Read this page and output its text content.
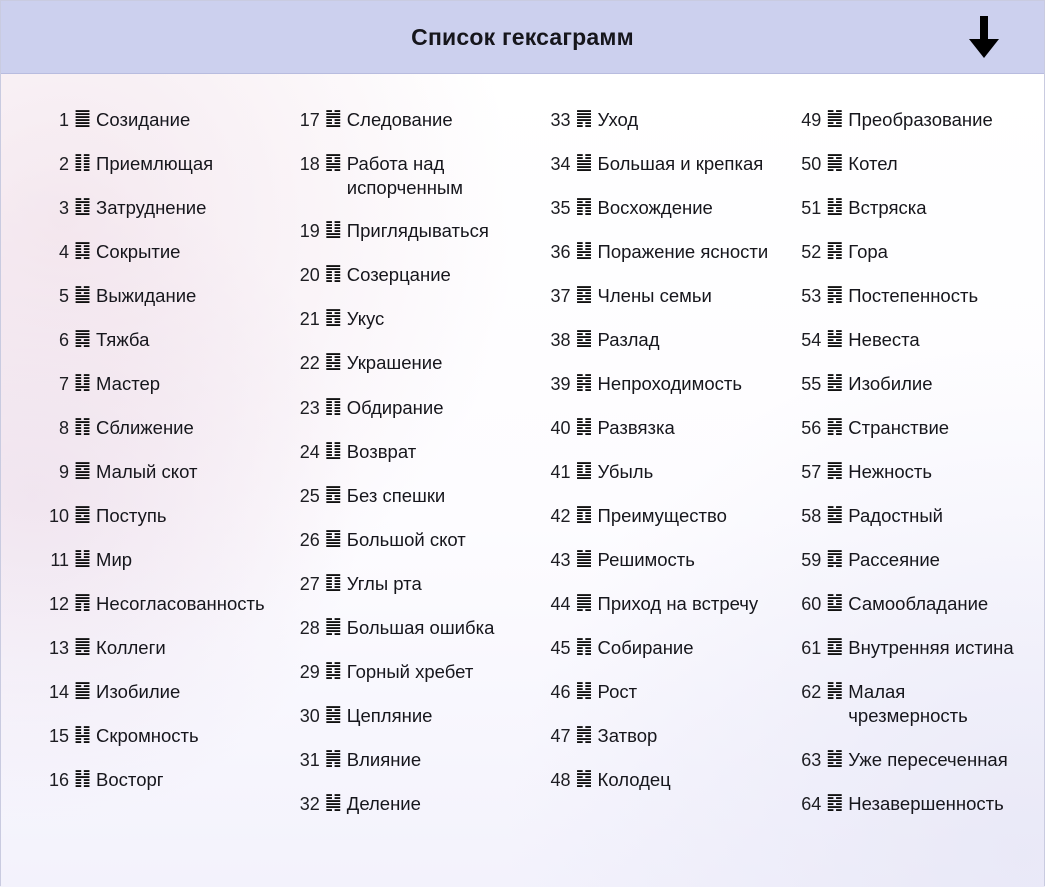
Список гексаграмм
1 ䷀ Созидание
2 ䷁ Приемлющая
3 ䷂ Затруднение
4 ䷃ Сокрытие
5 ䷄ Выжидание
6 ䷅ Тяжба
7 ䷆ Мастер
8 ䷇ Сближение
9 ䷈ Малый скот
10 ䷉ Поступь
11 ䷊ Мир
12 ䷋ Несогласованность
13 ䷌ Коллеги
14 ䷍ Изобилие
15 ䷎ Скромность
16 ䷏ Восторг
17 ䷐ Следование
18 ䷑ Работа над испорченным
19 ䷒ Приглядываться
20 ䷓ Созерцание
21 ䷔ Укус
22 ䷕ Украшение
23 ䷖ Обдирание
24 ䷗ Возврат
25 ䷘ Без спешки
26 ䷙ Большой скот
27 ䷚ Углы рта
28 ䷛ Большая ошибка
29 ䷜ Горный хребет
30 ䷝ Цепляние
31 ䷞ Влияние
32 ䷟ Деление
33 ䷠ Уход
34 ䷡ Большая и крепкая
35 ䷢ Восхождение
36 ䷣ Поражение ясности
37 ䷤ Члены семьи
38 ䷥ Разлад
39 ䷦ Непроходимость
40 ䷧ Развязка
41 ䷨ Убыль
42 ䷩ Преимущество
43 ䷪ Решимость
44 ䷫ Приход на встречу
45 ䷬ Собирание
46 ䷭ Рост
47 ䷮ Затвор
48 ䷯ Колодец
49 ䷰ Преобразование
50 ䷱ Котел
51 ䷲ Встряска
52 ䷳ Гора
53 ䷴ Постепенность
54 ䷵ Невеста
55 ䷶ Изобилие
56 ䷷ Странствие
57 ䷸ Нежность
58 ䷹ Радостный
59 ䷺ Рассеяние
60 ䷻ Самообладание
61 ䷼ Внутренняя истина
62 ䷽ Малая чрезмерность
63 ䷾ Уже пересеченная
64 ䷿ Незавершенность
